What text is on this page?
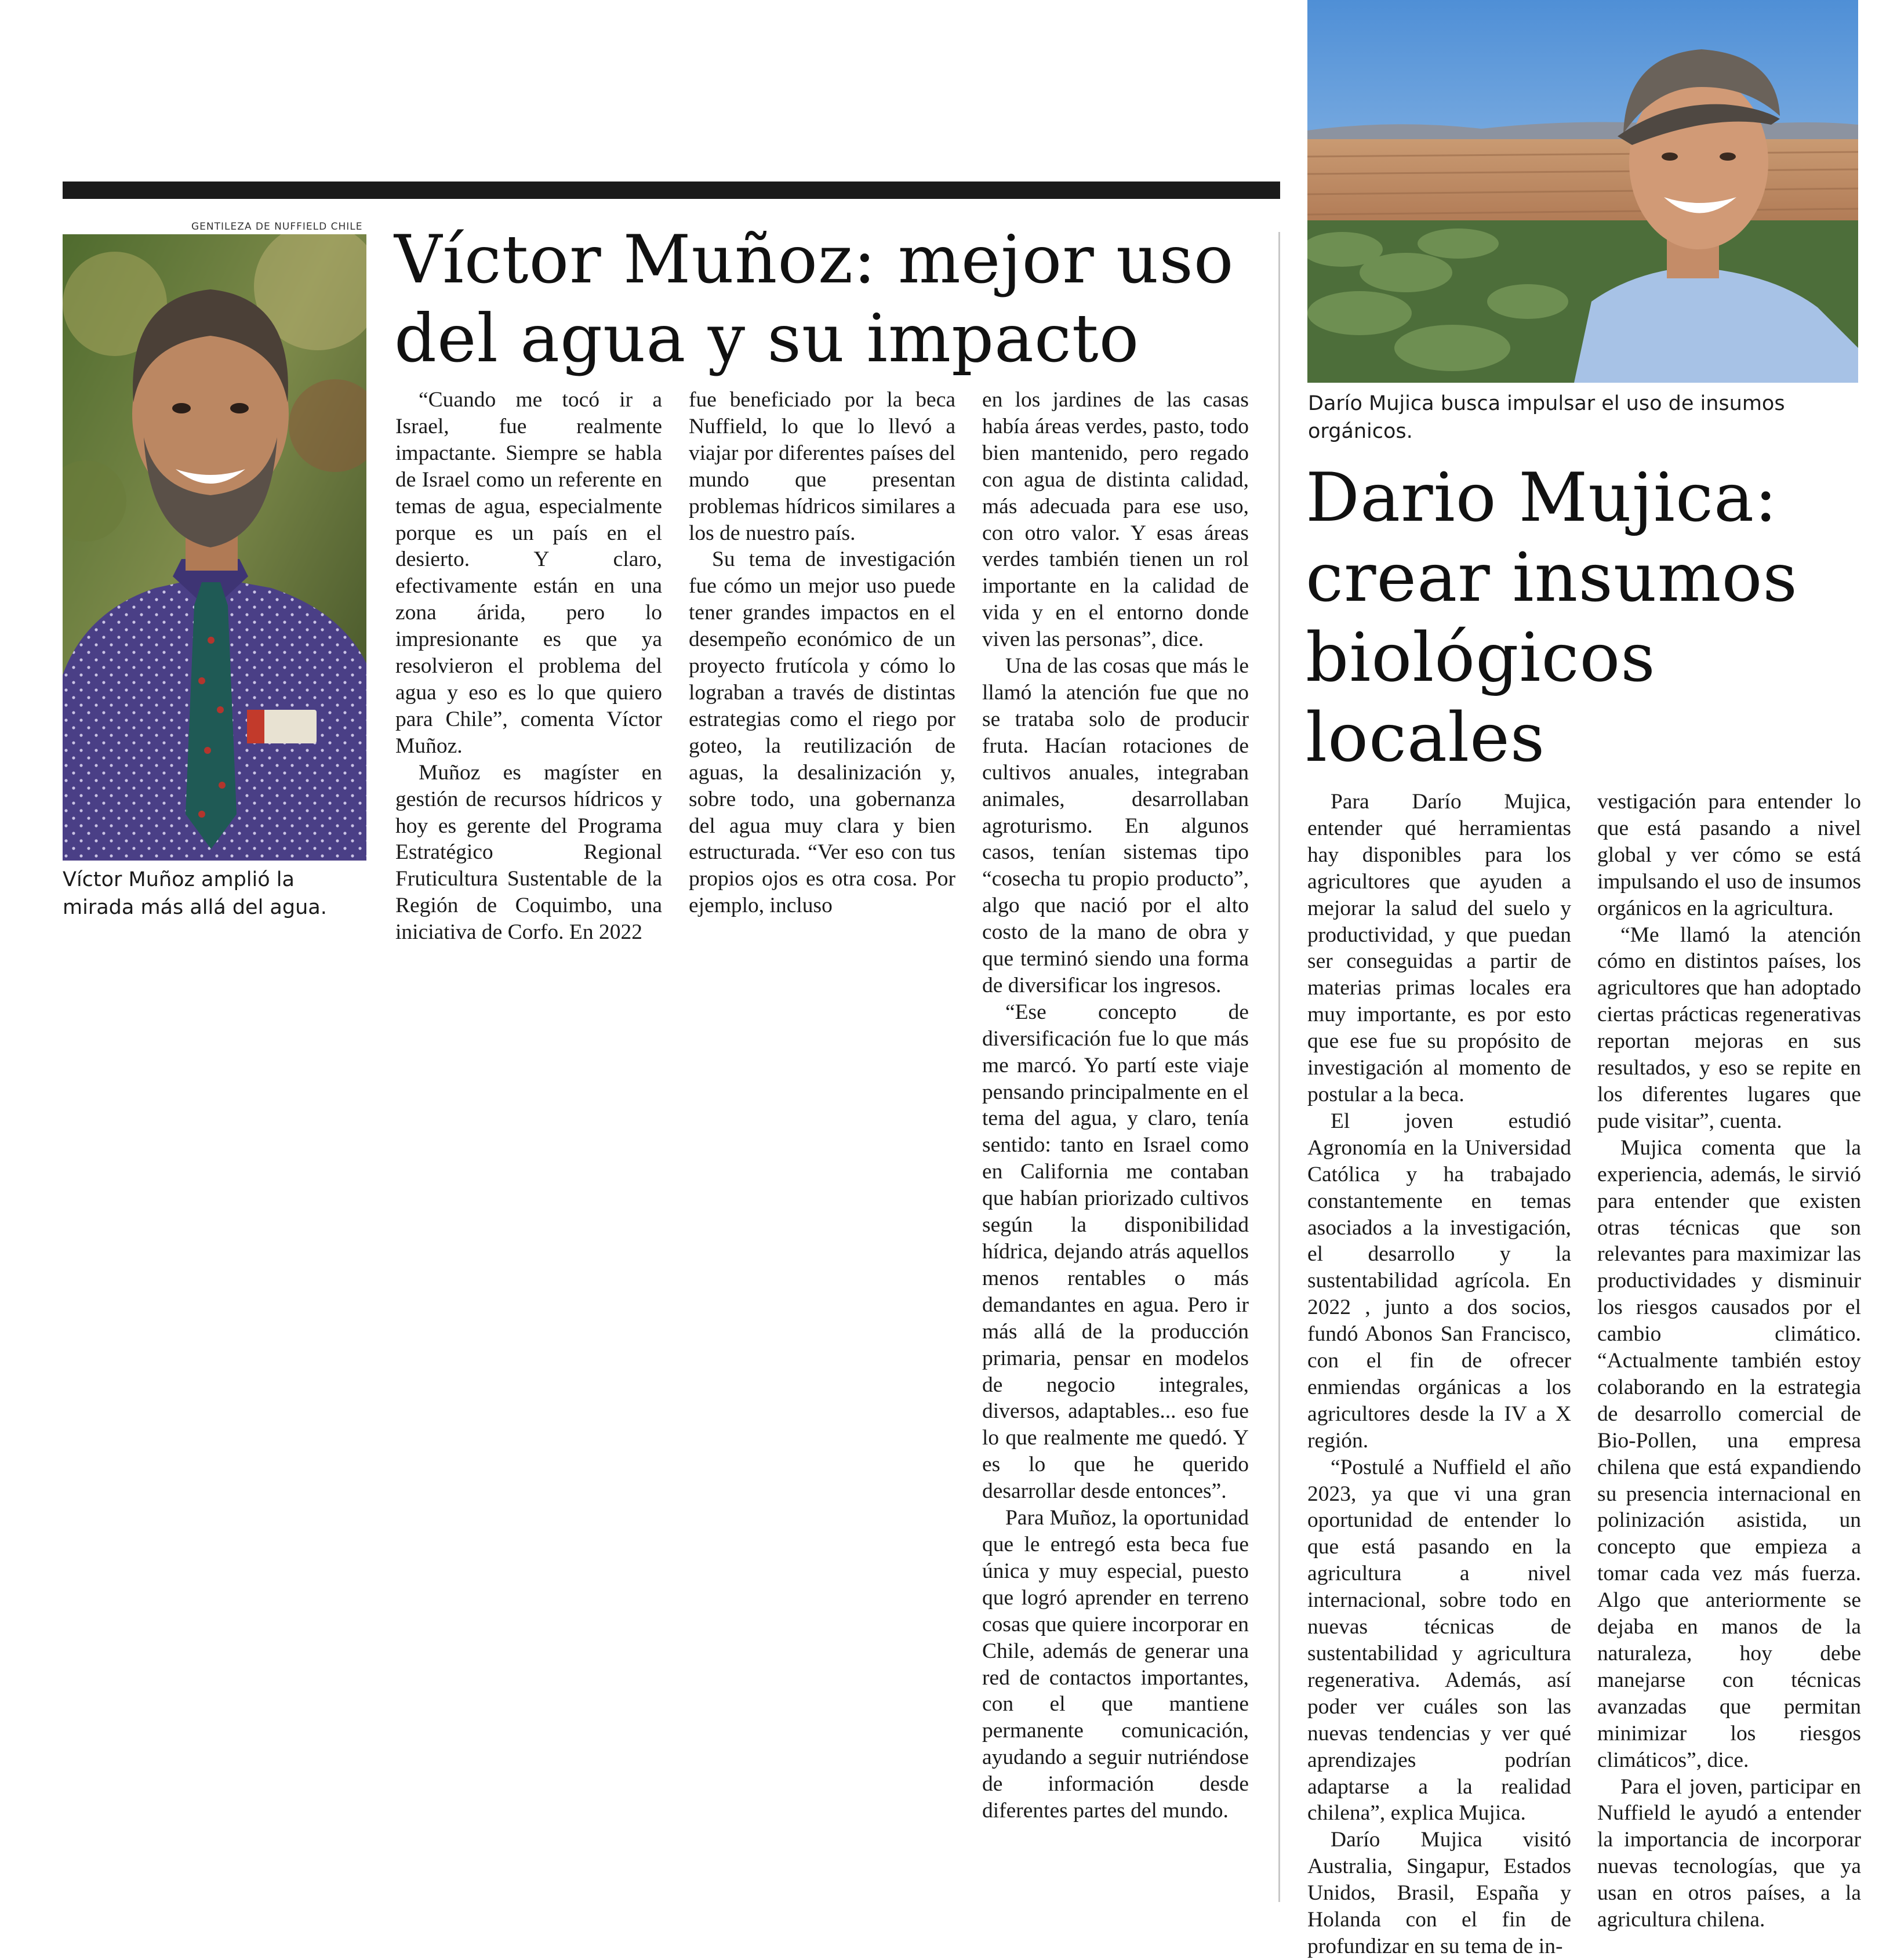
GENTILEZA DE NUFFIELD CHILE

Víctor Muñoz amplió la mirada más allá del agua.

Víctor Muñoz: mejor uso
del agua y su impacto

“Cuando me tocó ir a Israel, fue realmente impactante. Siempre se habla de Israel como un referente en temas de agua, especialmente porque es un país en el desierto. Y claro, efectivamente están en una zona árida, pero lo impresionante es que ya resolvieron el problema del agua y eso es lo que quiero para Chile”, comenta Víctor Muñoz.

Muñoz es magíster en gestión de recursos hídricos y hoy es gerente del Programa Estratégico Regional Fruticultura Sustentable de la Región de Coquimbo, una iniciativa de Corfo. En 2022

fue beneficiado por la beca Nuffield, lo que lo llevó a viajar por diferentes países del mundo que presentan problemas hídricos similares a los de nuestro país.

Su tema de investigación fue cómo un mejor uso puede tener grandes impactos en el desempeño económico de un proyecto frutícola y cómo lo lograban a través de distintas estrategias como el riego por goteo, la reutilización de aguas, la desalinización y, sobre todo, una gobernanza del agua muy clara y bien estructurada. “Ver eso con tus propios ojos es otra cosa. Por ejemplo, incluso

en los jardines de las casas había áreas verdes, pasto, todo bien mantenido, pero regado con agua de distinta calidad, más adecuada para ese uso, con otro valor. Y esas áreas verdes también tienen un rol importante en la calidad de vida y en el entorno donde viven las personas”, dice.

Una de las cosas que más le llamó la atención fue que no se trataba solo de producir fruta. Hacían rotaciones de cultivos anuales, integraban animales, desarrollaban agroturismo. En algunos casos, tenían sistemas tipo “cosecha tu propio producto”, algo que nació por el alto costo de la mano de obra y que terminó siendo una forma de diversificar los ingresos.

“Ese concepto de diversificación fue lo que más me marcó. Yo partí este viaje pensando principalmente en el tema del agua, y claro, tenía sentido: tanto en Israel como en California me contaban que habían priorizado cultivos según la disponibilidad hídrica, dejando atrás aquellos menos rentables o más demandantes en agua. Pero ir más allá de la producción primaria, pensar en modelos de negocio integrales, diversos, adaptables... eso fue lo que realmente me quedó. Y es lo que he querido desarrollar desde entonces”.

Para Muñoz, la oportunidad que le entregó esta beca fue única y muy especial, puesto que logró aprender en terreno cosas que quiere incorporar en Chile, además de generar una red de contactos importantes, con el que mantiene permanente comunicación, ayudando a seguir nutriéndose de información desde diferentes partes del mundo.

Darío Mujica busca impulsar el uso de insumos orgánicos.

Dario Mujica:
crear insumos
biológicos
locales

Para Darío Mujica, entender qué herramientas hay disponibles para los agricultores que ayuden a mejorar la salud del suelo y productividad, y que puedan ser conseguidas a partir de materias primas locales era muy importante, es por esto que ese fue su propósito de investigación al momento de postular a la beca.

El joven estudió Agronomía en la Universidad Católica y ha trabajado constantemente en temas asociados a la investigación, el desarrollo y la sustentabilidad agrícola. En 2022 , junto a dos socios, fundó Abonos San Francisco, con el fin de ofrecer enmiendas orgánicas a los agricultores desde la IV a X región.

“Postulé a Nuffield el año 2023, ya que vi una gran oportunidad de entender lo que está pasando en la agricultura a nivel internacional, sobre todo en nuevas técnicas de sustentabilidad y agricultura regenerativa. Además, así poder ver cuáles son las nuevas tendencias y ver qué aprendizajes podrían adaptarse a la realidad chilena”, explica Mujica.

Darío Mujica visitó Australia, Singapur, Estados Unidos, Brasil, España y Holanda con el fin de profundizar en su tema de in-

vestigación para entender lo que está pasando a nivel global y ver cómo se está impulsando el uso de insumos orgánicos en la agricultura.

“Me llamó la atención cómo en distintos países, los agricultores que han adoptado ciertas prácticas regenerativas reportan mejoras en sus resultados, y eso se repite en los diferentes lugares que pude visitar”, cuenta.

Mujica comenta que la experiencia, además, le sirvió para entender que existen otras técnicas que son relevantes para maximizar las productividades y disminuir los riesgos causados por el cambio climático. “Actualmente también estoy colaborando en la estrategia de desarrollo comercial de Bio-Pollen, una empresa chilena que está expandiendo su presencia internacional en polinización asistida, un concepto que empieza a tomar cada vez más fuerza. Algo que anteriormente se dejaba en manos de la naturaleza, hoy debe manejarse con técnicas avanzadas que permitan minimizar los riesgos climáticos”, dice.

Para el joven, participar en Nuffield le ayudó a entender la importancia de incorporar nuevas tecnologías, que ya usan en otros países, a la agricultura chilena.
